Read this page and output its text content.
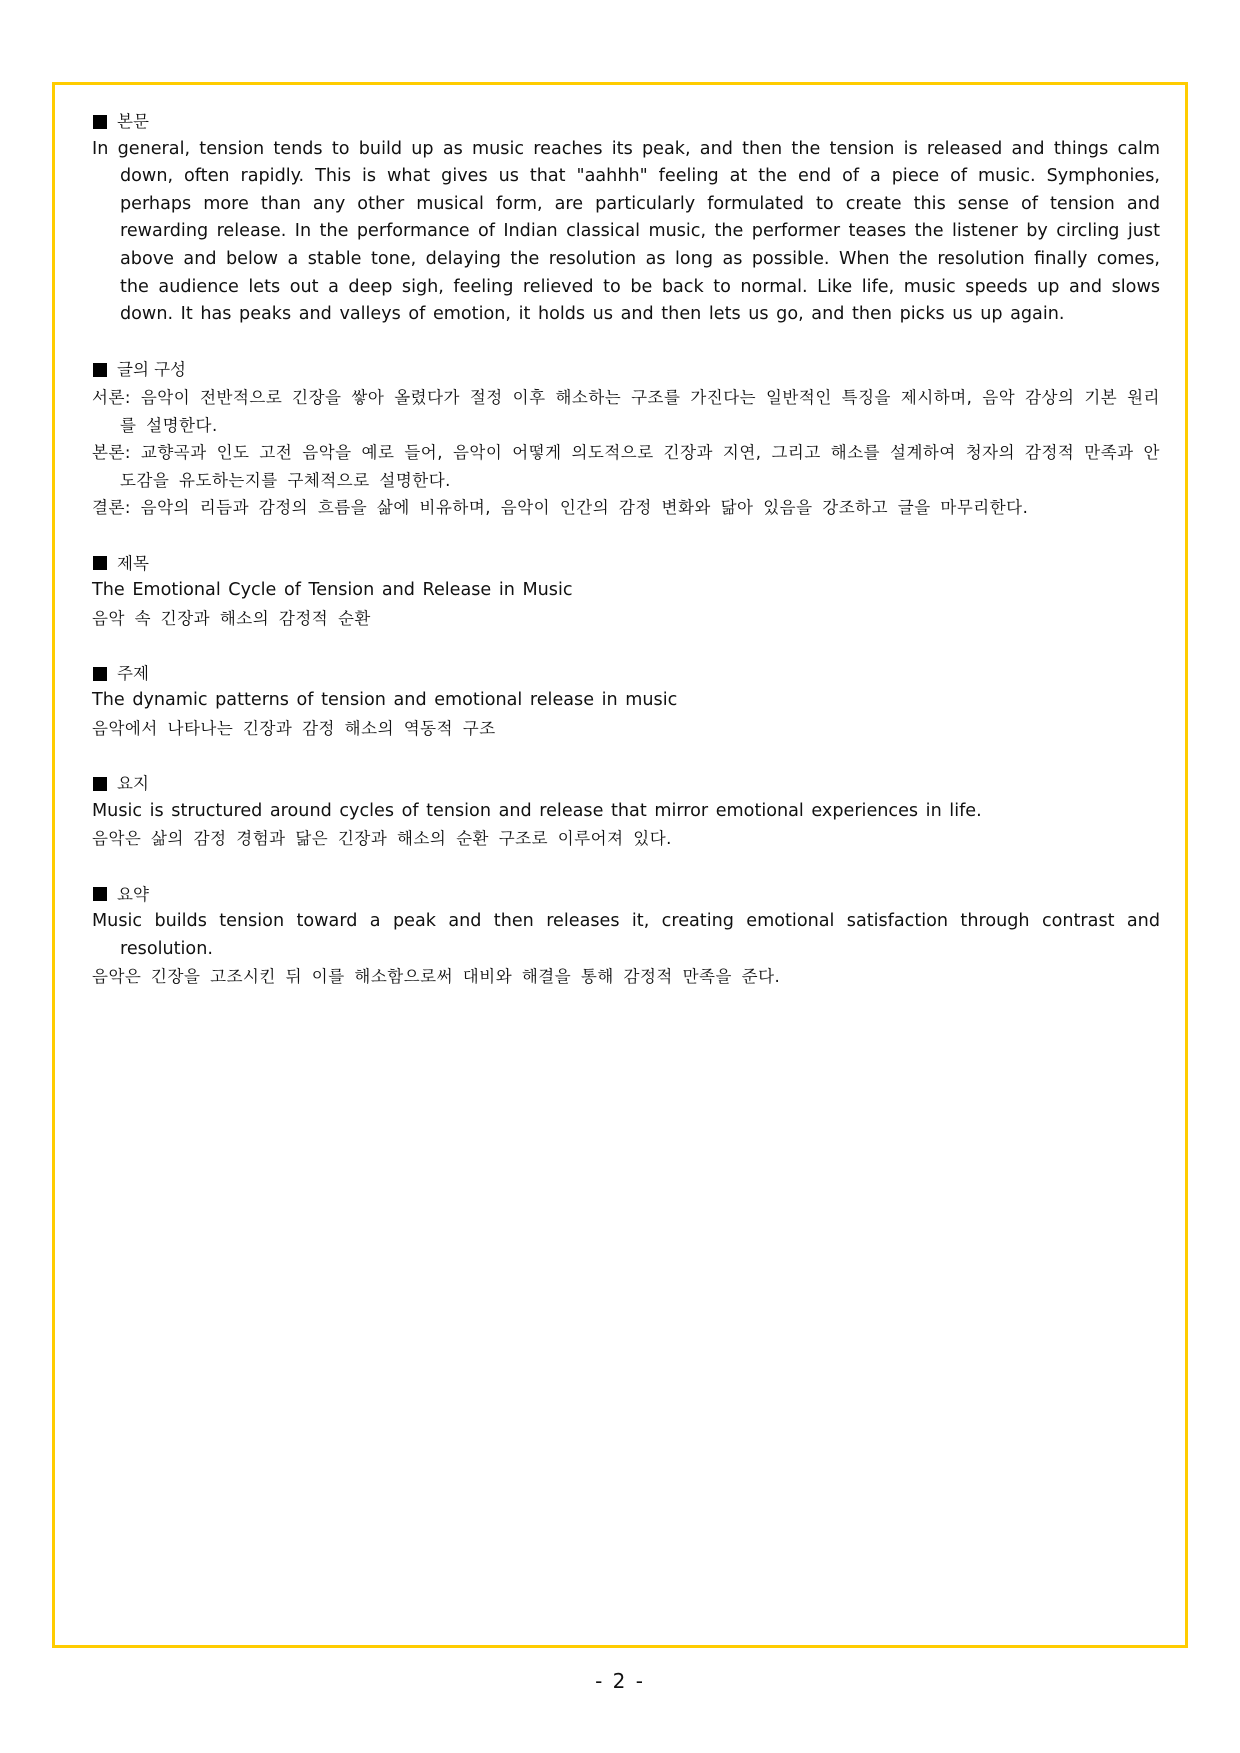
본문

In general, tension tends to build up as music reaches its peak, and then the tension is released and things calm down, often rapidly. This is what gives us that "aahhh" feeling at the end of a piece of music. Symphonies, perhaps more than any other musical form, are particularly formulated to create this sense of tension and rewarding release. In the performance of Indian classical music, the performer teases the listener by circling just above and below a stable tone, delaying the resolution as long as possible. When the resolution finally comes, the audience lets out a deep sigh, feeling relieved to be back to normal. Like life, music speeds up and slows down. It has peaks and valleys of emotion, it holds us and then lets us go, and then picks us up again.

글의 구성

서론: 음악이 전반적으로 긴장을 쌓아 올렸다가 절정 이후 해소하는 구조를 가진다는 일반적인 특징을 제시하며, 음악 감상의 기본 원리를 설명한다.

본론: 교향곡과 인도 고전 음악을 예로 들어, 음악이 어떻게 의도적으로 긴장과 지연, 그리고 해소를 설계하여 청자의 감정적 만족과 안도감을 유도하는지를 구체적으로 설명한다.

결론: 음악의 리듬과 감정의 흐름을 삶에 비유하며, 음악이 인간의 감정 변화와 닮아 있음을 강조하고 글을 마무리한다.

제목

The Emotional Cycle of Tension and Release in Music

음악 속 긴장과 해소의 감정적 순환

주제

The dynamic patterns of tension and emotional release in music

음악에서 나타나는 긴장과 감정 해소의 역동적 구조

요지

Music is structured around cycles of tension and release that mirror emotional experiences in life.

음악은 삶의 감정 경험과 닮은 긴장과 해소의 순환 구조로 이루어져 있다.

요약

Music builds tension toward a peak and then releases it, creating emotional satisfaction through contrast and resolution.

음악은 긴장을 고조시킨 뒤 이를 해소함으로써 대비와 해결을 통해 감정적 만족을 준다.

- 2 -
